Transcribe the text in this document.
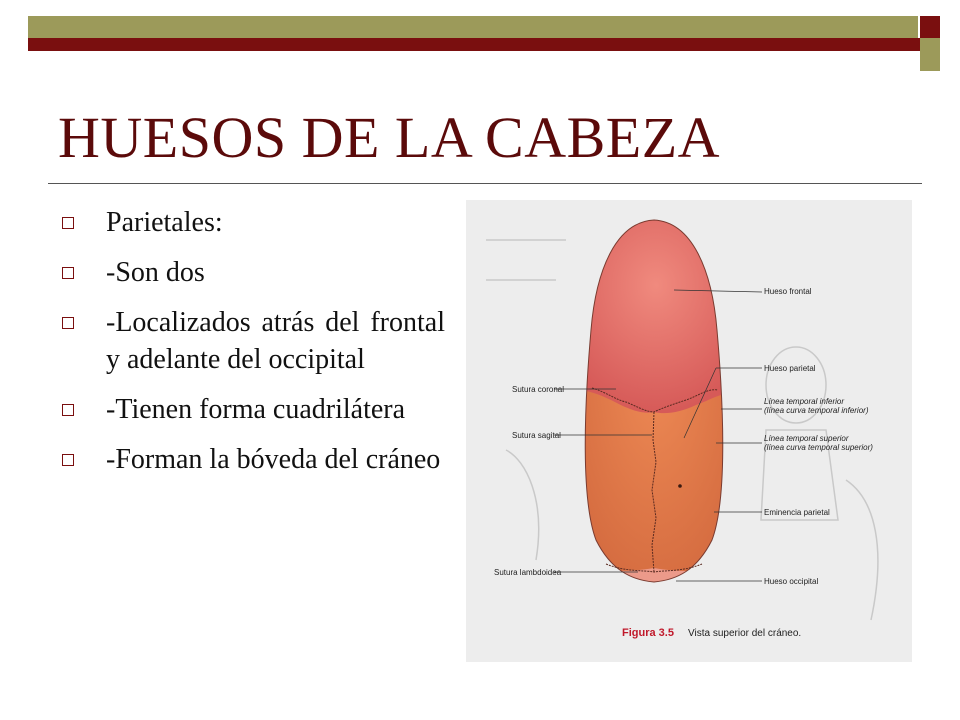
HUESOS DE LA CABEZA
Parietales:
-Son dos
-Localizados atrás del frontal y adelante del occipital
-Tienen forma cuadrilátera
-Forman la bóveda del cráneo
Hueso frontal
Hueso parietal
Línea temporal inferior
(línea curva temporal inferior)
Línea temporal superior
(línea curva temporal superior)
Eminencia parietal
Hueso occipital
Sutura coronal
Sutura sagital
Sutura lambdoidea
Figura 3.5 Vista superior del cráneo.
